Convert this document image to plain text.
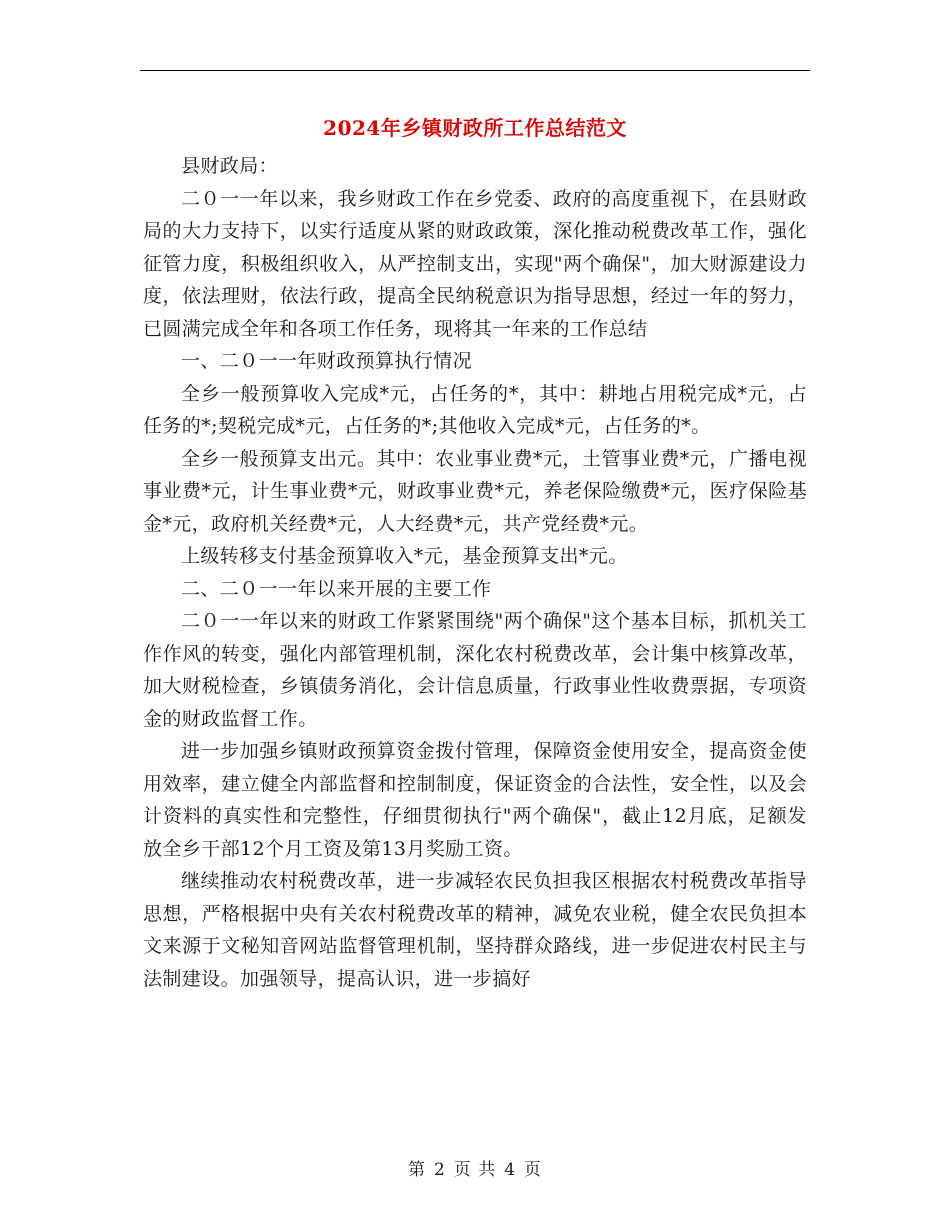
2024年乡镇财政所工作总结范文

县财政局：

二０一一年以来，我乡财政工作在乡党委、政府的高度重视下，在县财政局的大力支持下，以实行适度从紧的财政政策，深化推动税费改革工作，强化征管力度，积极组织收入，从严控制支出，实现"两个确保"，加大财源建设力度，依法理财，依法行政，提高全民纳税意识为指导思想，经过一年的努力，已圆满完成全年和各项工作任务，现将其一年来的工作总结

一、二０一一年财政预算执行情况

全乡一般预算收入完成*元，占任务的*，其中：耕地占用税完成*元，占任务的*;契税完成*元，占任务的*;其他收入完成*元，占任务的*。

全乡一般预算支出元。其中：农业事业费*元，土管事业费*元，广播电视事业费*元，计生事业费*元，财政事业费*元，养老保险缴费*元，医疗保险基金*元，政府机关经费*元，人大经费*元，共产党经费*元。

上级转移支付基金预算收入*元，基金预算支出*元。

二、二０一一年以来开展的主要工作

二０一一年以来的财政工作紧紧围绕"两个确保"这个基本目标，抓机关工作作风的转变，强化内部管理机制，深化农村税费改革，会计集中核算改革，加大财税检查，乡镇债务消化，会计信息质量，行政事业性收费票据，专项资金的财政监督工作。

进一步加强乡镇财政预算资金拨付管理，保障资金使用安全，提高资金使用效率，建立健全内部监督和控制制度，保证资金的合法性，安全性，以及会计资料的真实性和完整性，仔细贯彻执行"两个确保"，截止12月底，足额发放全乡干部12个月工资及第13月奖励工资。

继续推动农村税费改革，进一步减轻农民负担我区根据农村税费改革指导思想，严格根据中央有关农村税费改革的精神，减免农业税，健全农民负担本文来源于文秘知音网站监督管理机制，坚持群众路线，进一步促进农村民主与法制建设。加强领导，提高认识，进一步搞好

第 2 页 共 4 页
